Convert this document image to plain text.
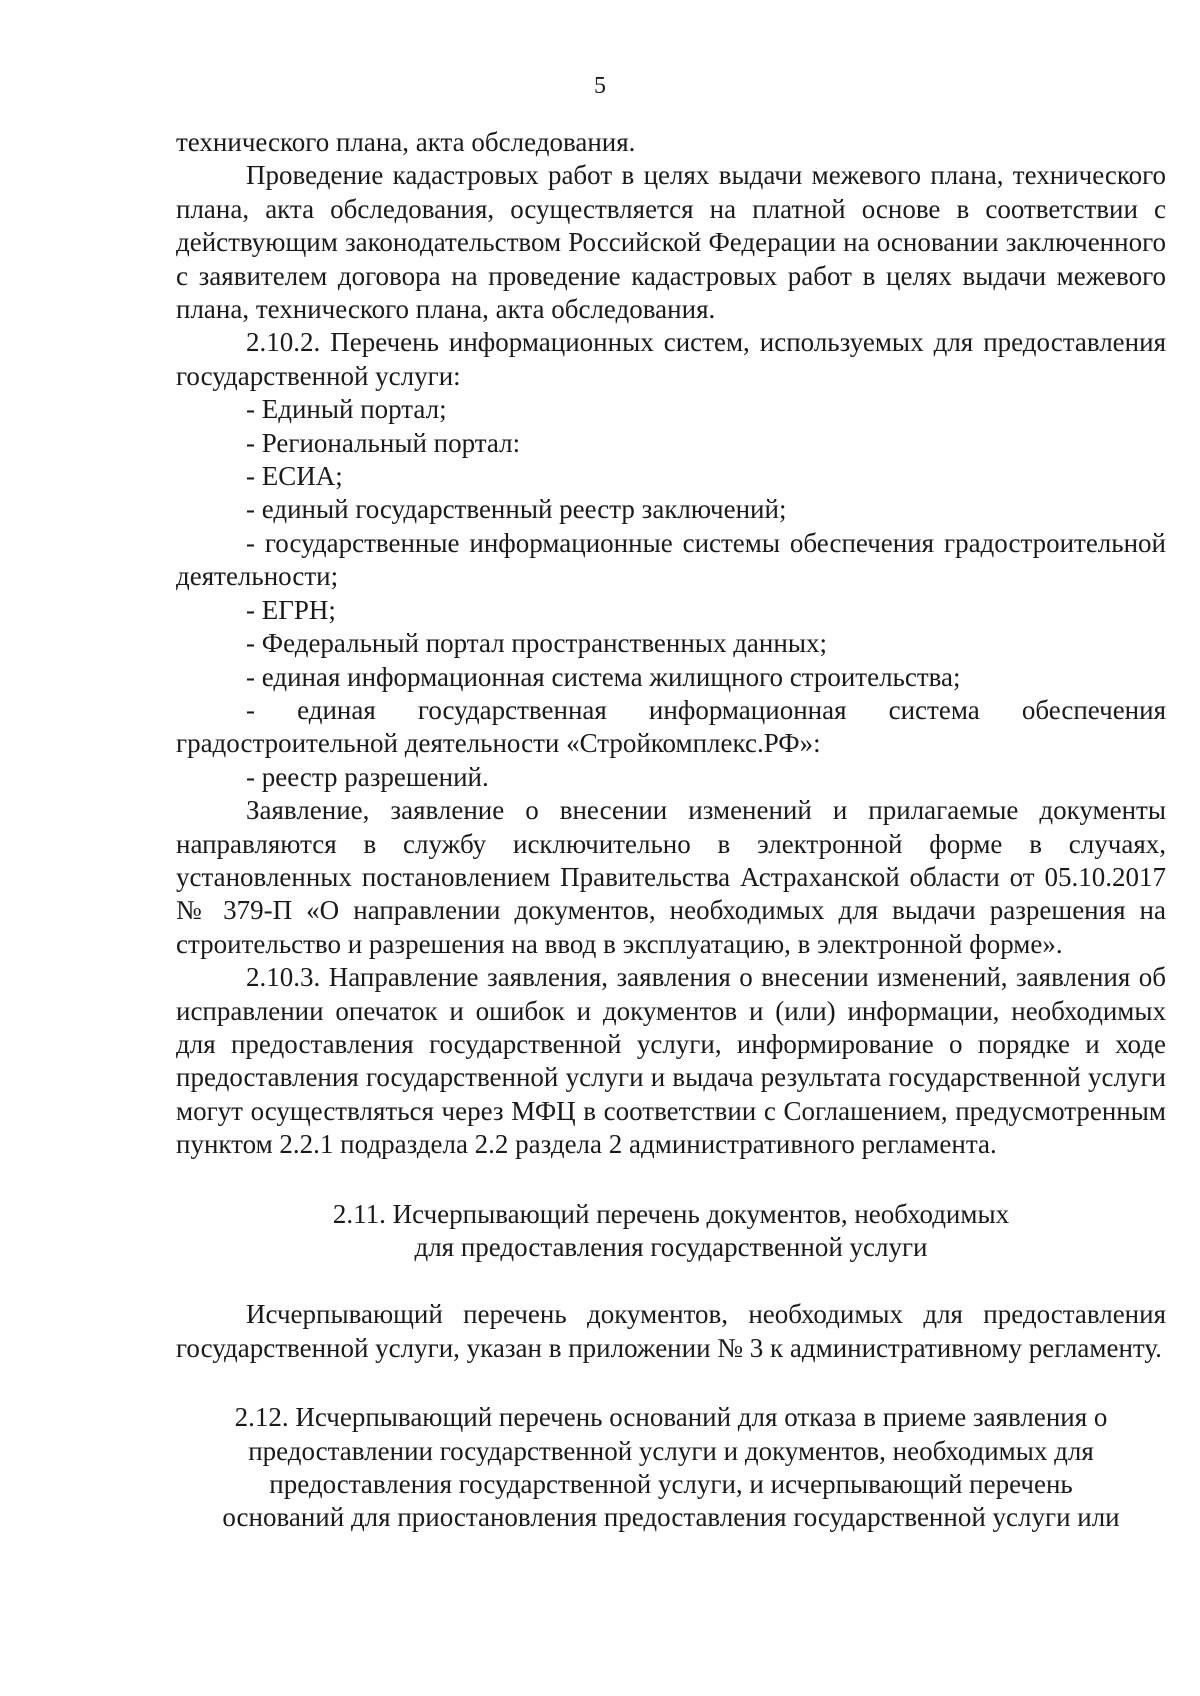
5

технического плана, акта обследования.

Проведение кадастровых работ в целях выдачи межевого плана, технического плана, акта обследования, осуществляется на платной основе в соответствии с действующим законодательством Российской Федерации на основании заключенного с заявителем договора на проведение кадастровых работ в целях выдачи межевого плана, технического плана, акта обследования.

2.10.2. Перечень информационных систем, используемых для предоставления государственной услуги:

- Единый портал;

- Региональный портал:

- ЕСИА;

- единый государственный реестр заключений;

- государственные информационные системы обеспечения градостроительной деятельности;

- ЕГРН;

- Федеральный портал пространственных данных;

- единая информационная система жилищного строительства;

- единая государственная информационная система обеспечения градостроительной деятельности «Стройкомплекс.РФ»:

- реестр разрешений.

Заявление, заявление о внесении изменений и прилагаемые документы направляются в службу исключительно в электронной форме в случаях, установленных постановлением Правительства Астраханской области от 05.10.2017 № 379-П «О направлении документов, необходимых для выдачи разрешения на строительство и разрешения на ввод в эксплуатацию, в электронной форме».

2.10.3. Направление заявления, заявления о внесении изменений, заявления об исправлении опечаток и ошибок и документов и (или) информации, необходимых для предоставления государственной услуги, информирование о порядке и ходе предоставления государственной услуги и выдача результата государственной услуги могут осуществляться через МФЦ в соответствии с Соглашением, предусмотренным пунктом 2.2.1 подраздела 2.2 раздела 2 административного регламента.

2.11. Исчерпывающий перечень документов, необходимых
для предоставления государственной услуги

Исчерпывающий перечень документов, необходимых для предоставления государственной услуги, указан в приложении № 3 к административному регламенту.

2.12. Исчерпывающий перечень оснований для отказа в приеме заявления о
предоставлении государственной услуги и документов, необходимых для
предоставления государственной услуги, и исчерпывающий перечень
оснований для приостановления предоставления государственной услуги или
